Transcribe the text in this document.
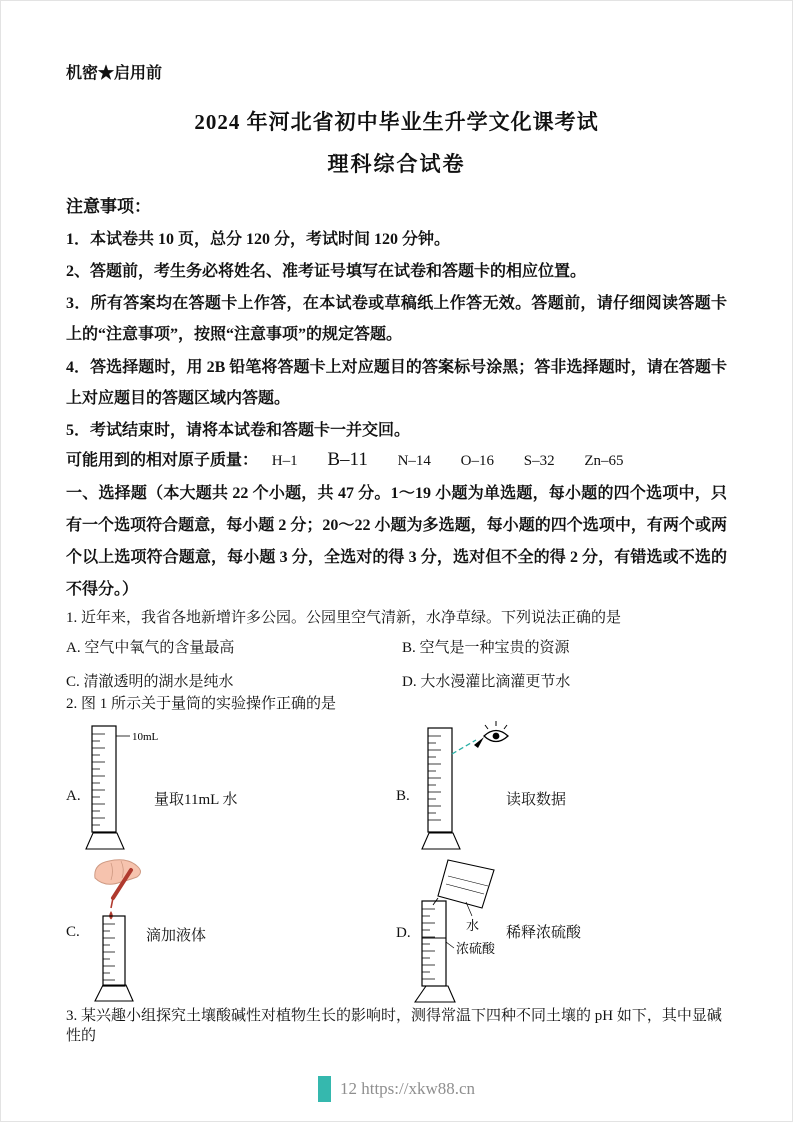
机密★启用前
2024 年河北省初中毕业生升学文化课考试
理科综合试卷
注意事项：

1．本试卷共 10 页，总分 120 分，考试时间 120 分钟。

2、答题前，考生务必将姓名、准考证号填写在试卷和答题卡的相应位置。

3．所有答案均在答题卡上作答，在本试卷或草稿纸上作答无效。答题前，请仔细阅读答题卡上的“注意事项”，按照“注意事项”的规定答题。

4．答选择题时，用 2B 铅笔将答题卡上对应题目的答案标号涂黑；答非选择题时，请在答题卡上对应题目的答题区域内答题。

5．考试结束时，请将本试卷和答题卡一并交回。

可能用到的相对原子质量： H–1 B–11 N–14 O–16 S–32 Zn–65

一、选择题（本大题共 22 个小题，共 47 分。1～19 小题为单选题，每小题的四个选项中，只有一个选项符合题意，每小题 2 分；20～22 小题为多选题，每小题的四个选项中，有两个或两个以上选项符合题意，每小题 3 分，全选对的得 3 分，选对但不全的得 2 分，有错选或不选的不得分。）

1. 近年来，我省各地新增许多公园。公园里空气清新，水净草绿。下列说法正确的是

A. 空气中氧气的含量最高	B. 空气是一种宝贵的资源
C. 清澈透明的湖水是纯水	D. 大水漫灌比滴灌更节水

2. 图 1 所示关于量筒的实验操作正确的是

A.
10mL
量取11mL 水	B.	读取数据
C.	滴加液体	D.	水
浓硫酸
稀释浓硫酸

3. 某兴趣小组探究土壤酸碱性对植物生长的影响时，测得常温下四种不同土壤的 pH 如下，其中显碱性的

12 https://xkw88.cn
